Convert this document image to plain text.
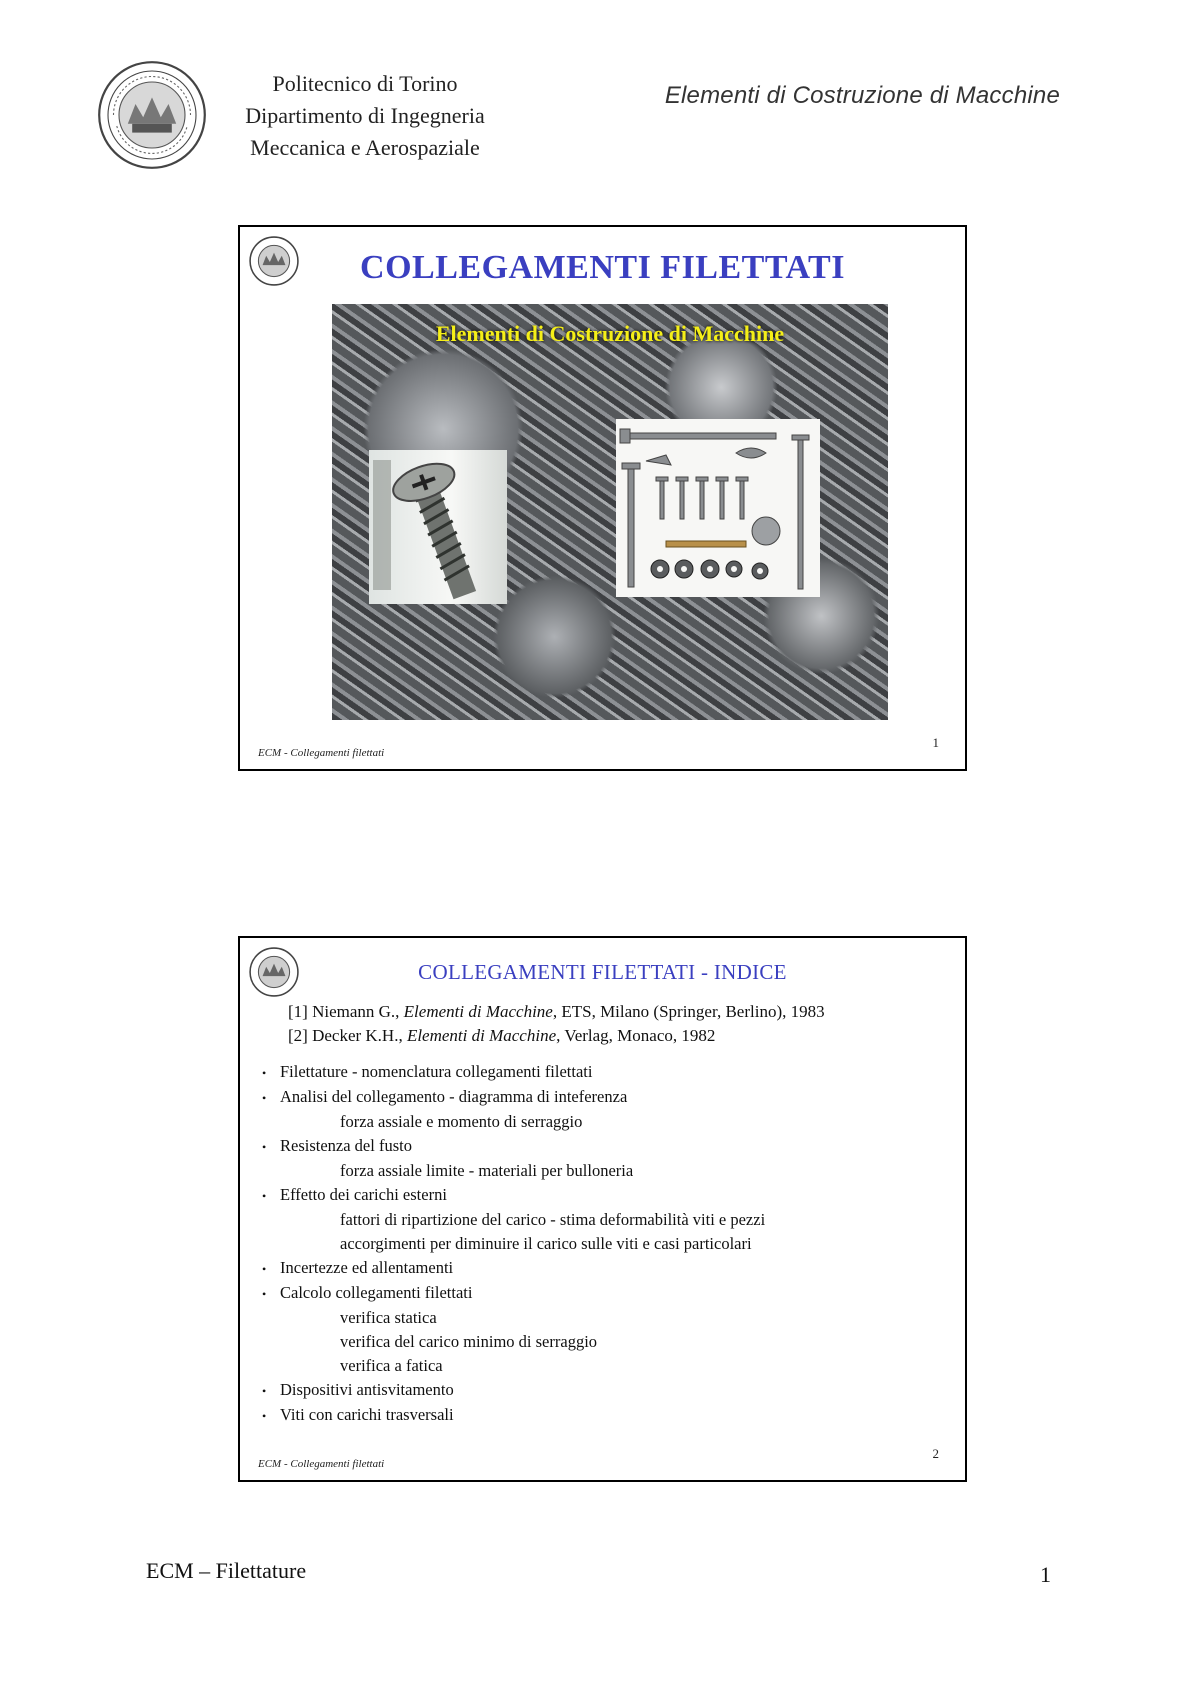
Politecnico di Torino
Dipartimento di Ingegneria
Meccanica e Aerospaziale
Elementi di Costruzione di Macchine
COLLEGAMENTI FILETTATI
Elementi di Costruzione di Macchine
ECM - Collegamenti filettati
1
COLLEGAMENTI FILETTATI - INDICE
[1] Niemann G., Elementi di Macchine, ETS, Milano (Springer, Berlino), 1983
[2] Decker K.H., Elementi di Macchine, Verlag, Monaco, 1982
• Filettature - nomenclatura collegamenti filettati
• Analisi del collegamento - diagramma di inteferenza
forza assiale e momento di serraggio
• Resistenza del fusto
forza assiale limite - materiali per bulloneria
• Effetto dei carichi esterni
fattori di ripartizione del carico - stima deformabilità viti e pezzi
accorgimenti per diminuire il carico sulle viti e casi particolari
• Incertezze ed allentamenti
• Calcolo collegamenti filettati
verifica statica
verifica del carico minimo di serraggio
verifica a fatica
• Dispositivi antisvitamento
• Viti con carichi trasversali
ECM - Collegamenti filettati
2
ECM – Filettature	1
